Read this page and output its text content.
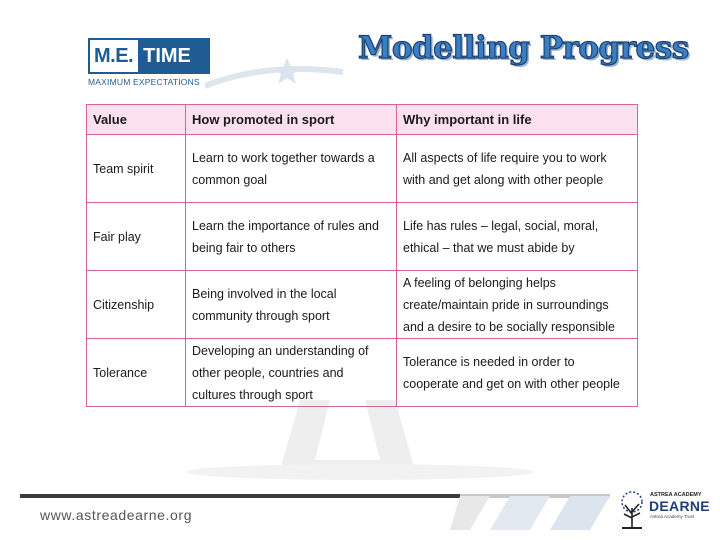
M.E. TIME
MAXIMUM EXPECTATIONS
Modelling Progress
Value	How promoted in sport	Why important in life
Team spirit	Learn to work together towards a common goal	All aspects of life require you to work with and get along with other people
Fair play	Learn the importance of rules and being fair to others	Life has rules – legal, social, moral, ethical – that we must abide by
Citizenship	Being involved in the local community through sport	A feeling of belonging helps create/maintain pride in surroundings and a desire to be socially responsible
Tolerance	Developing an understanding of other people, countries and cultures through sport	Tolerance is needed in order to cooperate and get on with other people
www.astreadearne.org
ASTREA ACADEMY
DEARNE
Astrea Academy Trust
